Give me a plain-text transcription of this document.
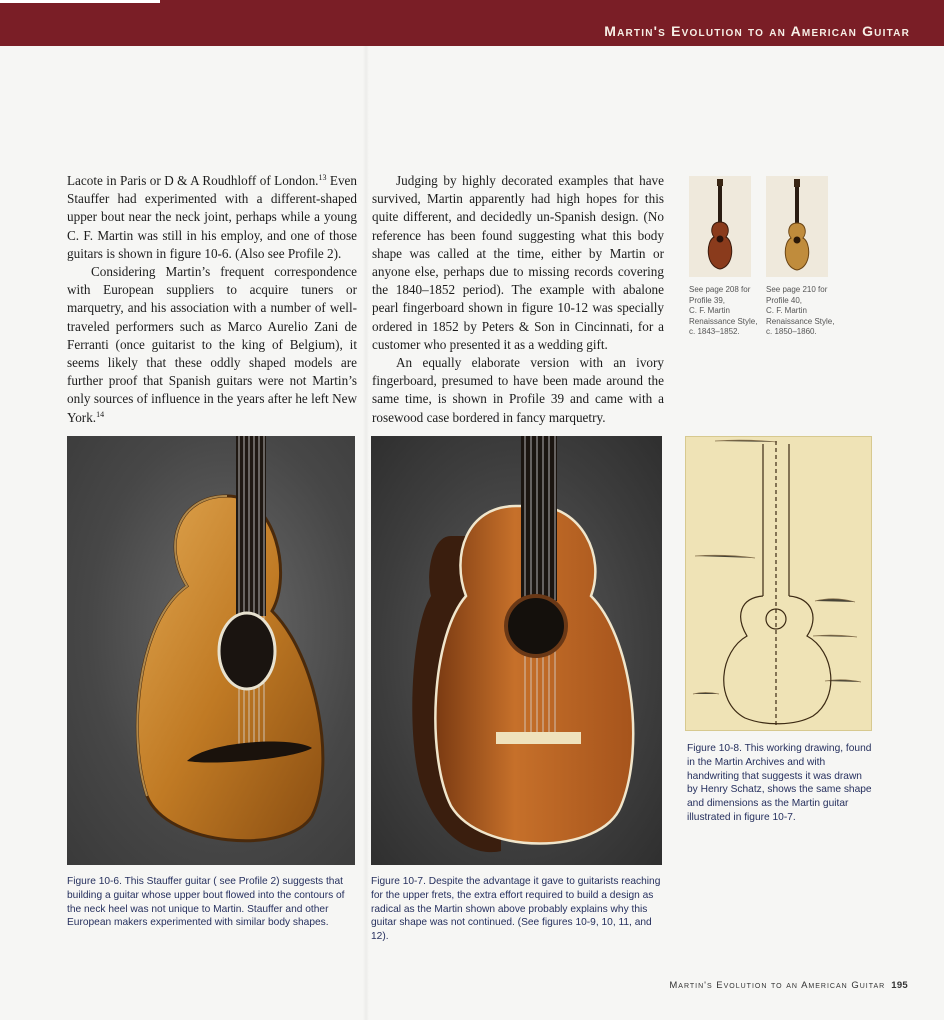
Martin's Evolution to an American Guitar

Lacote in Paris or D & A Roudhloff of London.$^{13}$ Even Stauffer had experimented with a different-shaped upper bout near the neck joint, perhaps while a young C. F. Martin was still in his employ, and one of those guitars is shown in figure 10-6. (Also see Profile 2).

Considering Martin’s frequent correspondence with European suppliers to acquire tuners or marquetry, and his association with a number of well-traveled performers such as Marco Aurelio Zani de Ferranti (once guitarist to the king of Belgium), it seems likely that these oddly shaped models are further proof that Spanish guitars were not Martin’s only sources of influence in the years after he left New York.$^{14}$

Judging by highly decorated examples that have survived, Martin apparently had high hopes for this quite different, and decidedly un-Spanish design. (No reference has been found suggesting what this body shape was called at the time, either by Martin or anyone else, perhaps due to missing records covering the 1840–1852 period). The example with abalone pearl fingerboard shown in figure 10-12 was specially ordered in 1852 by Peters & Son in Cincinnati, for a customer who presented it as a wedding gift.

An equally elaborate version with an ivory fingerboard, presumed to have been made around the same time, is shown in Profile 39 and came with a rosewood case bordered in fancy marquetry.

See page 208 for
Profile 39,
C. F. Martin
Renaissance Style,
c. 1843–1852.
See page 210 for
Profile 40,
C. F. Martin
Renaissance Style,
c. 1850–1860.
Figure 10-6. This Stauffer guitar ( see Profile 2) suggests that building a guitar whose upper bout flowed into the contours of the neck heel was not unique to Martin. Stauffer and other European makers experimented with similar body shapes.
Figure 10-7. Despite the advantage it gave to guitarists reaching for the upper frets, the extra effort required to build a design as radical as the Martin shown above probably explains why this guitar shape was not continued. (See figures 10-9, 10, 11, and 12).
Figure 10-8. This working drawing, found in the Martin Archives and with handwriting that suggests it was drawn by Henry Schatz, shows the same shape and dimensions as the Martin guitar illustrated in figure 10-7.
Martin's Evolution to an American Guitar 195
